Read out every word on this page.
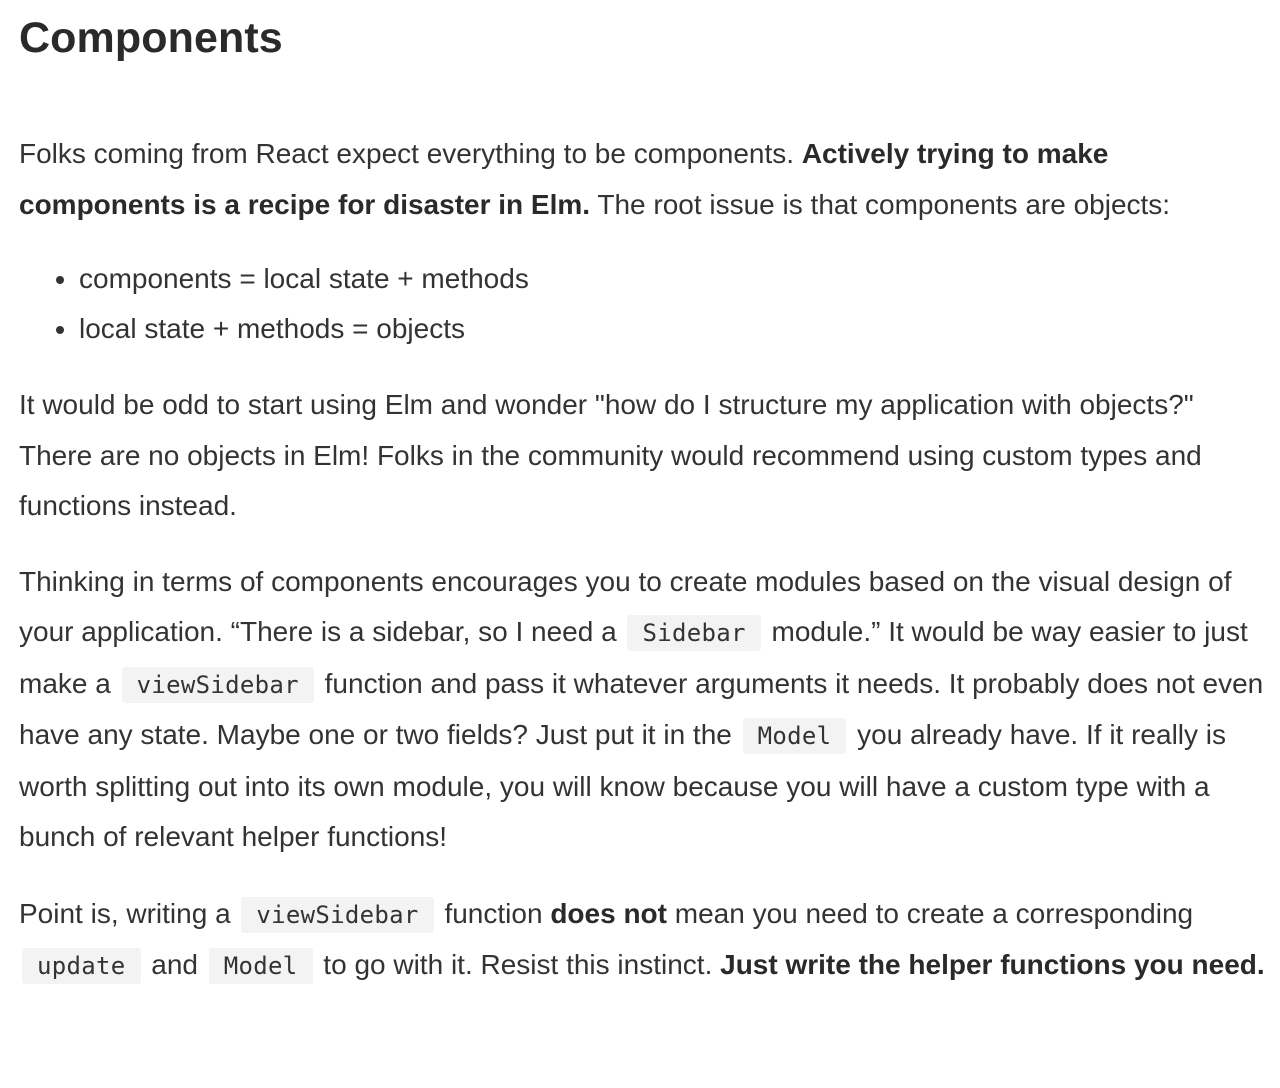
Components

Folks coming from React expect everything to be components. Actively trying to make components is a recipe for disaster in Elm. The root issue is that components are objects:

• components = local state + methods
• local state + methods = objects

It would be odd to start using Elm and wonder "how do I structure my application with objects?" There are no objects in Elm! Folks in the community would recommend using custom types and functions instead.

Thinking in terms of components encourages you to create modules based on the visual design of your application. “There is a sidebar, so I need a Sidebar module.” It would be way easier to just make a viewSidebar function and pass it whatever arguments it needs. It probably does not even have any state. Maybe one or two fields? Just put it in the Model you already have. If it really is worth splitting out into its own module, you will know because you will have a custom type with a bunch of relevant helper functions!

Point is, writing a viewSidebar function does not mean you need to create a corresponding update and Model to go with it. Resist this instinct. Just write the helper functions you need.
